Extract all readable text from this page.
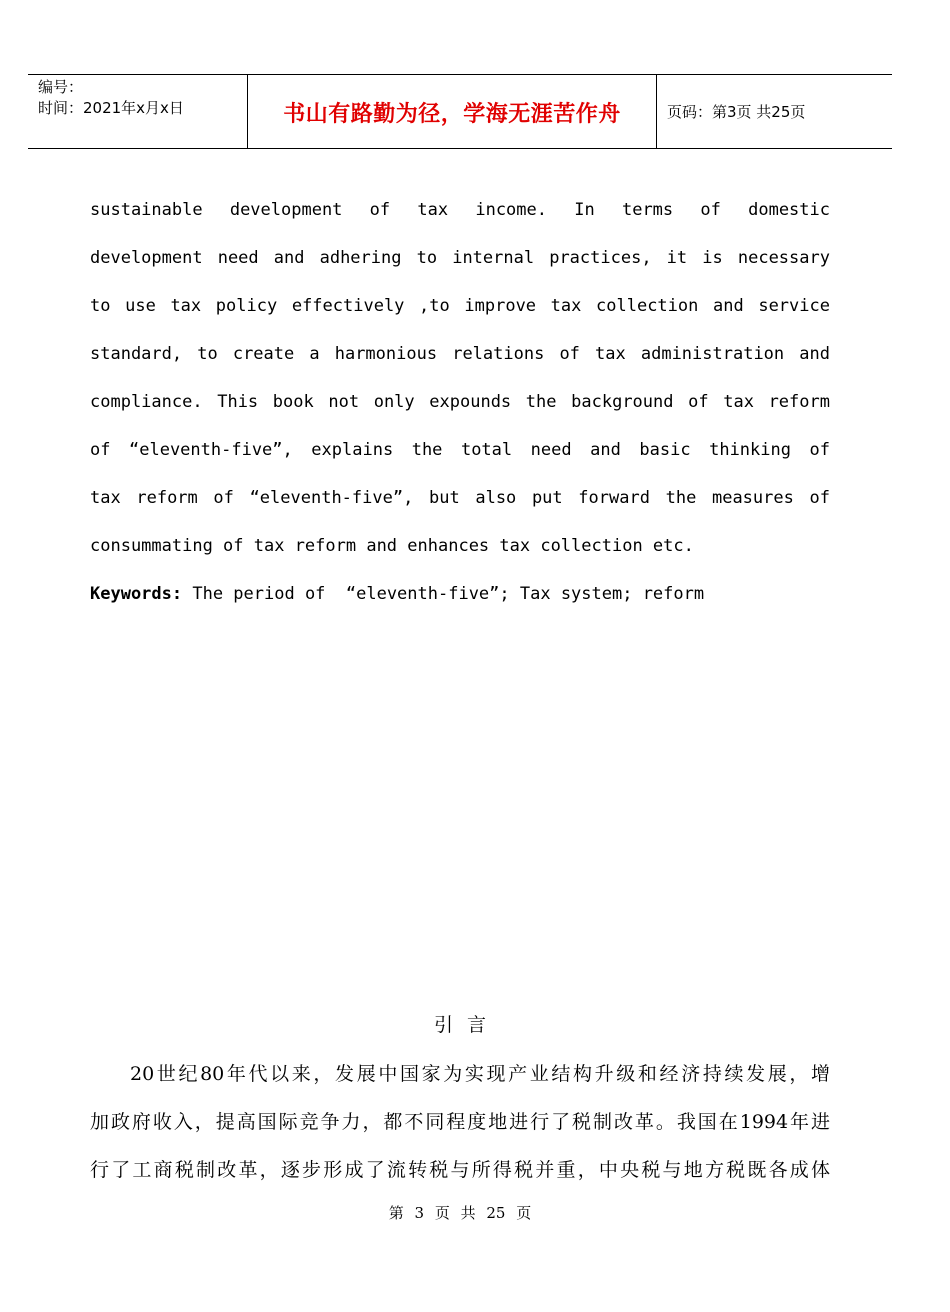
编号：
时间：2021年x月x日	书山有路勤为径，学海无涯苦作舟	页码：第3页 共25页
sustainable development of tax income. In terms of domestic
development need and adhering to internal practices, it is necessary
to use tax policy effectively ,to improve tax collection and service
standard, to create a harmonious relations of tax administration and
compliance. This book not only expounds the background of tax reform
of “eleventh-five”, explains the total need and basic thinking of
tax reform of “eleventh-five”, but also put forward the measures of
consummating of tax reform and enhances tax collection etc.
Keywords: The period of  “eleventh-five”; Tax system; reform
引言
20世纪80年代以来，发展中国家为实现产业结构升级和经济持续发展，增
加政府收入，提高国际竞争力，都不同程度地进行了税制改革。我国在1994年进
行了工商税制改革，逐步形成了流转税与所得税并重，中央税与地方税既各成体
第 3 页 共 25 页
